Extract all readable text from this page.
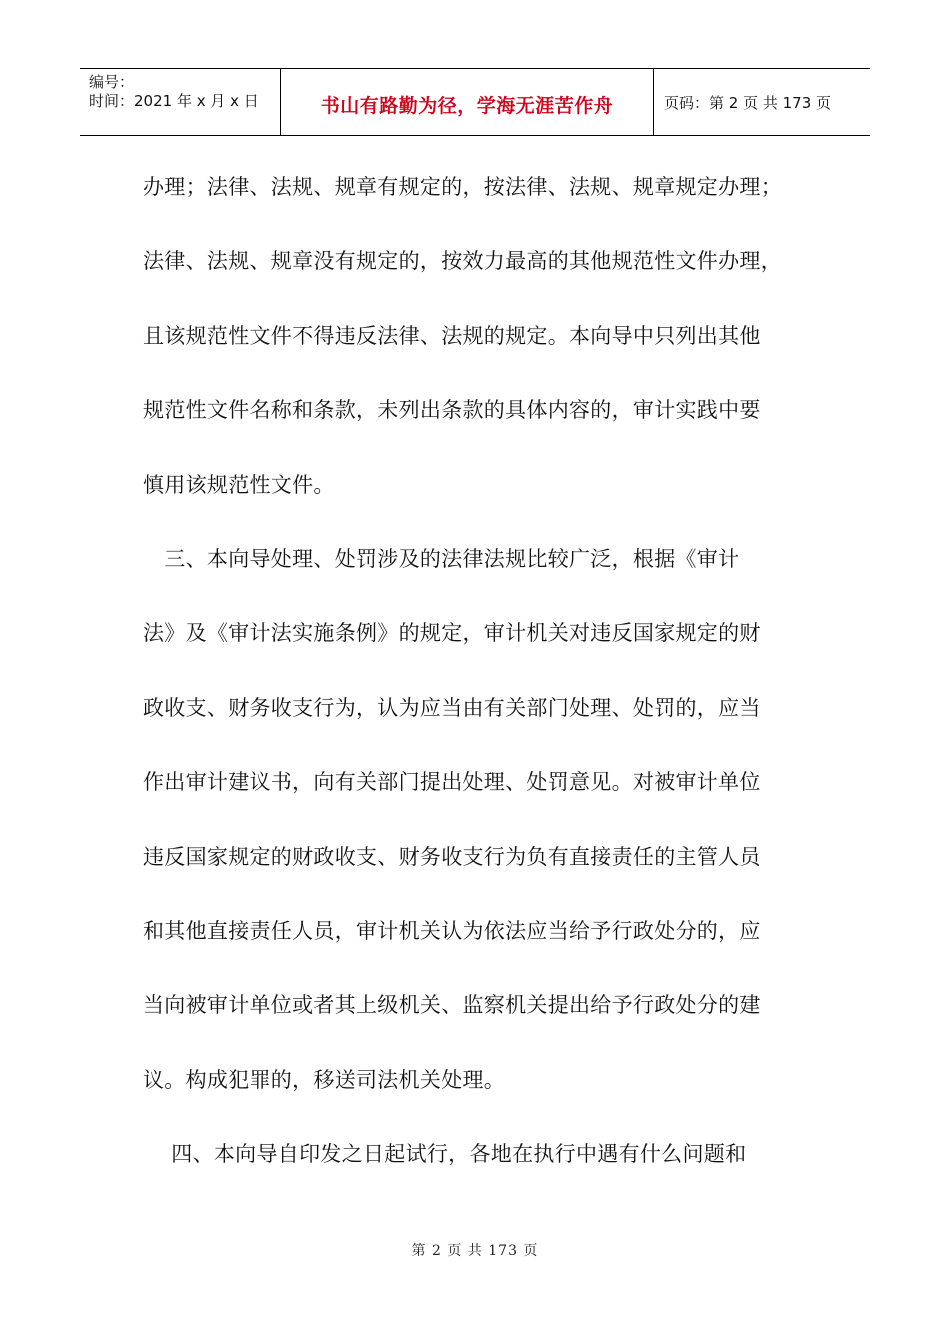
编号：
时间：2021 年 x 月 x 日	书山有路勤为径，学海无涯苦作舟	页码：第 2 页 共 173 页
办理；法律、法规、规章有规定的，按法律、法规、规章规定办理；
法律、法规、规章没有规定的，按效力最高的其他规范性文件办理，
且该规范性文件不得违反法律、法规的规定。本向导中只列出其他
规范性文件名称和条款，未列出条款的具体内容的，审计实践中要
慎用该规范性文件。
　三、本向导处理、处罚涉及的法律法规比较广泛，根据《审计
法》及《审计法实施条例》的规定，审计机关对违反国家规定的财
政收支、财务收支行为，认为应当由有关部门处理、处罚的，应当
作出审计建议书，向有关部门提出处理、处罚意见。对被审计单位
违反国家规定的财政收支、财务收支行为负有直接责任的主管人员
和其他直接责任人员，审计机关认为依法应当给予行政处分的，应
当向被审计单位或者其上级机关、监察机关提出给予行政处分的建
议。构成犯罪的，移送司法机关处理。
　 四、本向导自印发之日起试行，各地在执行中遇有什么问题和
第 2 页 共 173 页
